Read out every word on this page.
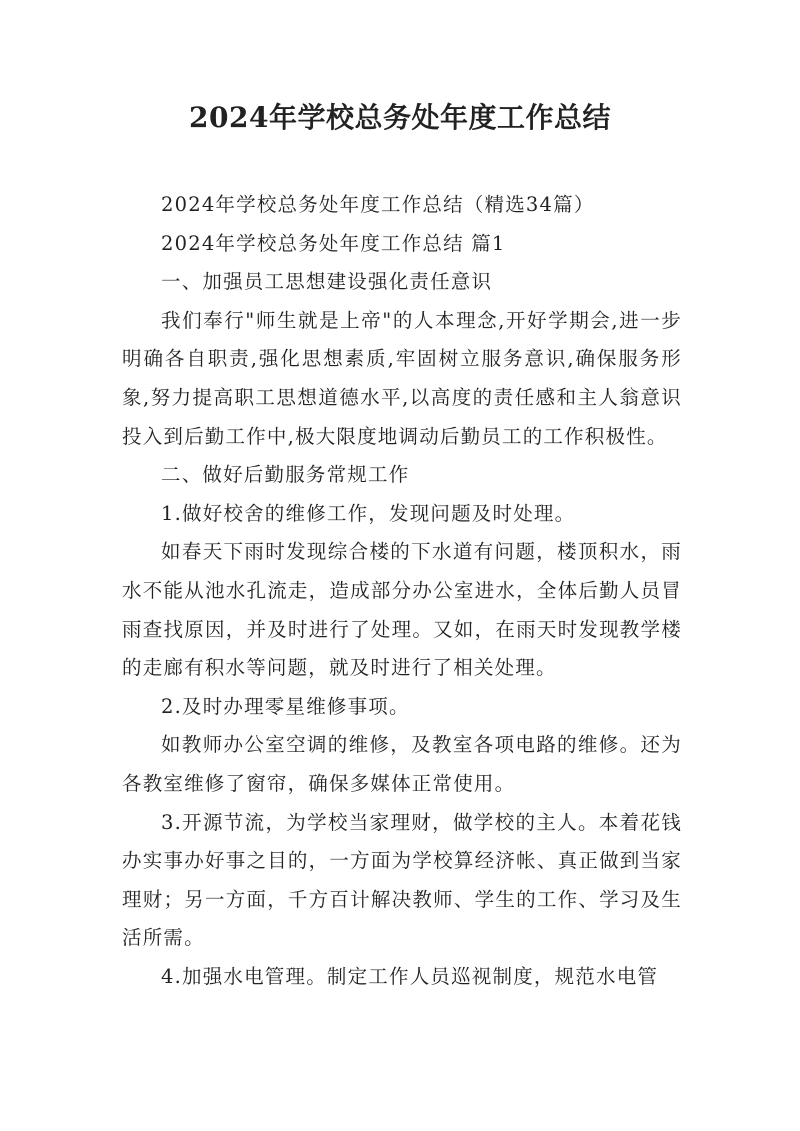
2024年学校总务处年度工作总结

2024年学校总务处年度工作总结（精选34篇）

2024年学校总务处年度工作总结 篇1

一、加强员工思想建设强化责任意识

我们奉行"师生就是上帝"的人本理念,开好学期会,进一步明确各自职责,强化思想素质,牢固树立服务意识,确保服务形象,努力提高职工思想道德水平,以高度的责任感和主人翁意识投入到后勤工作中,极大限度地调动后勤员工的工作积极性。

二、做好后勤服务常规工作

1.做好校舍的维修工作，发现问题及时处理。

如春天下雨时发现综合楼的下水道有问题，楼顶积水，雨水不能从池水孔流走，造成部分办公室进水，全体后勤人员冒雨查找原因，并及时进行了处理。又如，在雨天时发现教学楼的走廊有积水等问题，就及时进行了相关处理。

2.及时办理零星维修事项。

如教师办公室空调的维修，及教室各项电路的维修。还为各教室维修了窗帘，确保多媒体正常使用。

3.开源节流，为学校当家理财，做学校的主人。本着花钱办实事办好事之目的，一方面为学校算经济帐、真正做到当家理财；另一方面，千方百计解决教师、学生的工作、学习及生活所需。

4.加强水电管理。制定工作人员巡视制度，规范水电管
